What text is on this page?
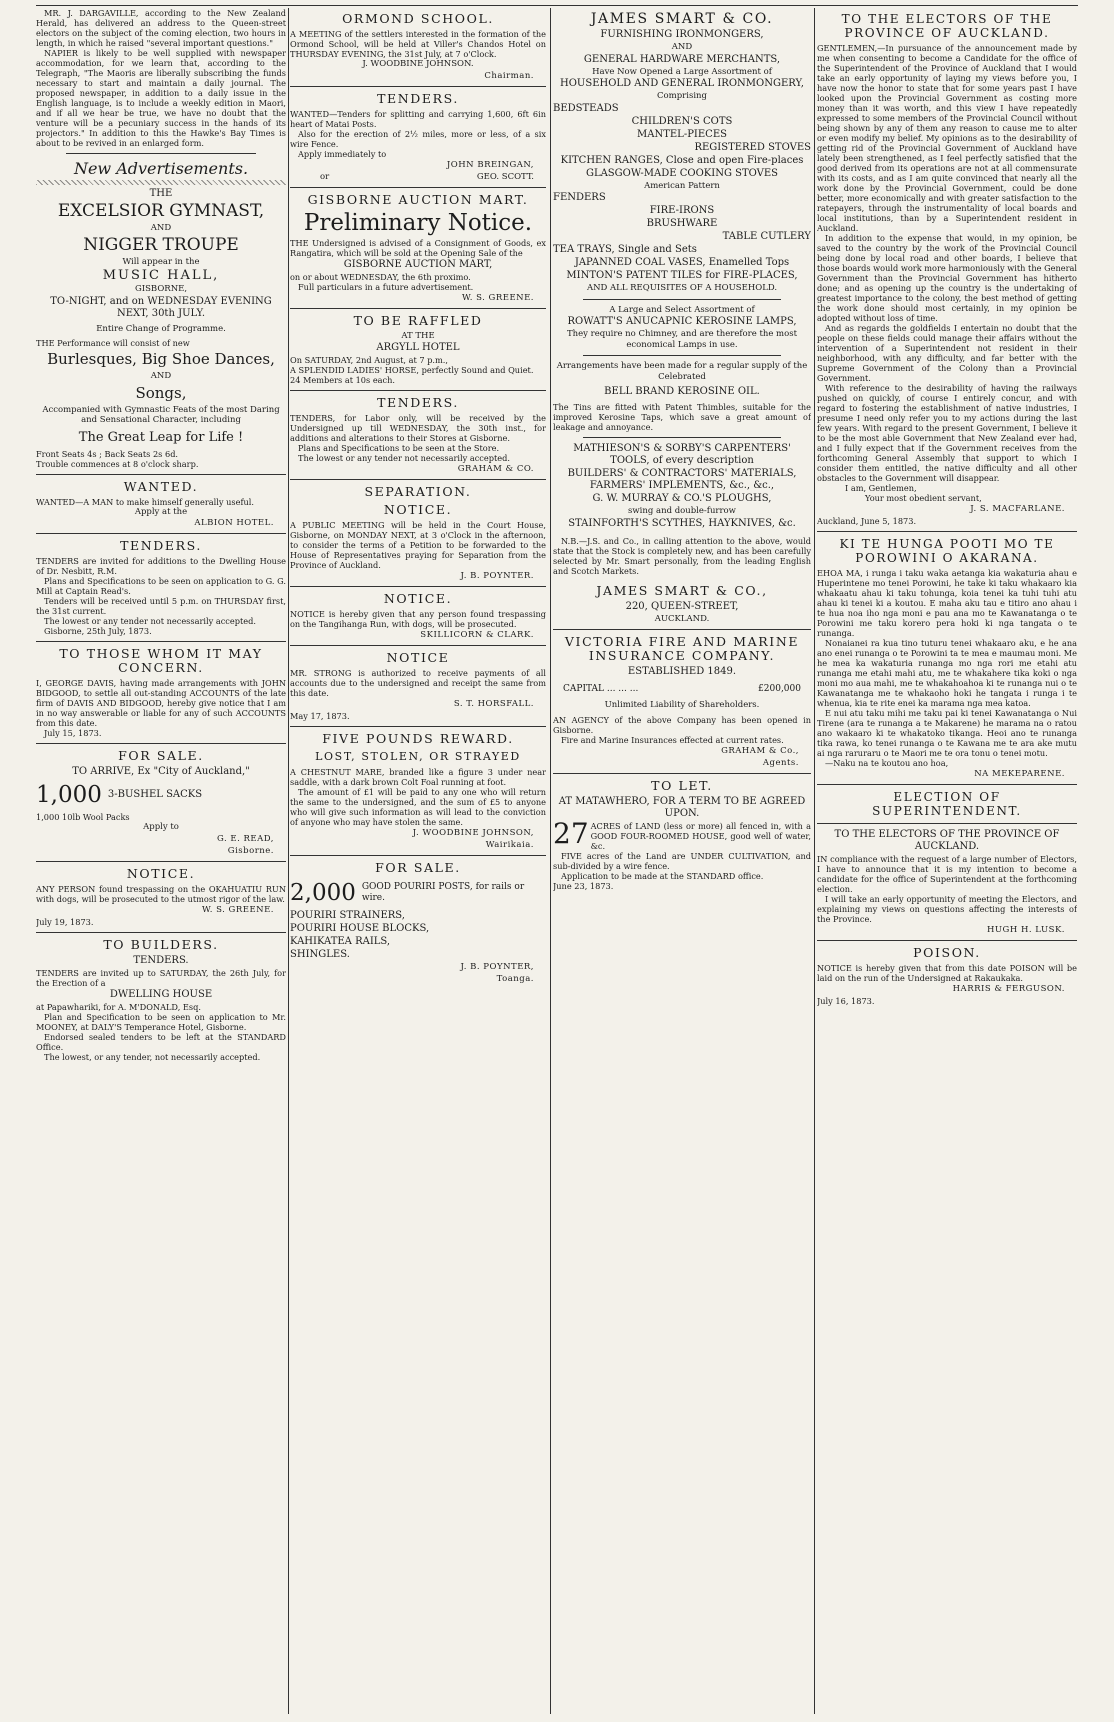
MR. J. DARGAVILLE, according to the New Zealand Herald, has delivered an address to the Queen-street electors on the subject of the coming election, two hours in length, in which he raised "several important questions."

NAPIER is likely to be well supplied with newspaper accommodation, for we learn that, according to the Telegraph, "The Maoris are liberally subscribing the funds necessary to start and maintain a daily journal. The proposed newspaper, in addition to a daily issue in the English language, is to include a weekly edition in Maori, and if all we hear be true, we have no doubt that the venture will be a pecuniary success in the hands of its projectors." In addition to this the Hawke's Bay Times is about to be revived in an enlarged form.

New Advertisements.

THE

EXCELSIOR GYMNAST,

AND

NIGGER TROUPE

Will appear in the

MUSIC HALL,

GISBORNE,

TO-NIGHT, and on WEDNESDAY EVENING NEXT, 30th JULY.

Entire Change of Programme.

THE Performance will consist of new

Burlesques, Big Shoe Dances,

AND

Songs,

Accompanied with Gymnastic Feats of the most Daring and Sensational Character, including

The Great Leap for Life !

Front Seats 4s ; Back Seats 2s 6d.

Trouble commences at 8 o'clock sharp.

WANTED.

WANTED—A MAN to make himself generally useful.

Apply at the

ALBION HOTEL.
TENDERS.

TENDERS are invited for additions to the Dwelling House of Dr. Nesbitt, R.M.

Plans and Specifications to be seen on application to G. G. Mill at Captain Read's.

Tenders will be received until 5 p.m. on THURSDAY first, the 31st current.

The lowest or any tender not necessarily accepted.

Gisborne, 25th July, 1873.

TO THOSE WHOM IT MAY CONCERN.

I, GEORGE DAVIS, having made arrangements with JOHN BIDGOOD, to settle all out-standing ACCOUNTS of the late firm of DAVIS AND BIDGOOD, hereby give notice that I am in no way answerable or liable for any of such ACCOUNTS from this date.

July 15, 1873.

FOR SALE.

TO ARRIVE, Ex "City of Auckland,"

1,000 3-BUSHEL SACKS

1,000 10lb Wool Packs

Apply to

G. E. READ,
Gisborne.
NOTICE.

ANY PERSON found trespassing on the OKAHUATIU RUN with dogs, will be prosecuted to the utmost rigor of the law.

W. S. GREENE.

July 19, 1873.

TO BUILDERS.

TENDERS.

TENDERS are invited up to SATURDAY, the 26th July, for the Erection of a

DWELLING HOUSE

at Papawhariki, for A. M'DONALD, Esq.

Plan and Specification to be seen on application to Mr. MOONEY, at DALY'S Temperance Hotel, Gisborne.

Endorsed sealed tenders to be left at the STANDARD Office.

The lowest, or any tender, not necessarily accepted.

ORMOND SCHOOL.

A MEETING of the settlers interested in the formation of the Ormond School, will be held at Viller's Chandos Hotel on THURSDAY EVENING, the 31st July, at 7 o'Clock.

J. WOODBINE JOHNSON.

Chairman.
TENDERS.

WANTED—Tenders for splitting and carrying 1,600, 6ft 6in heart of Matai Posts.

Also for the erection of 2½ miles, more or less, of a six wire Fence.

Apply immediately to

JOHN BREINGAN,
or	GEO. SCOTT.
GISBORNE AUCTION MART.
Preliminary Notice.

THE Undersigned is advised of a Consignment of Goods, ex Rangatira, which will be sold at the Opening Sale of the

GISBORNE AUCTION MART,

on or about WEDNESDAY, the 6th proximo.

Full particulars in a future advertisement.

W. S. GREENE.
TO BE RAFFLED

AT THE

ARGYLL HOTEL

On SATURDAY, 2nd August, at 7 p.m.,

A SPLENDID LADIES' HORSE, perfectly Sound and Quiet.

24 Members at 10s each.

TENDERS.

TENDERS, for Labor only, will be received by the Undersigned up till WEDNESDAY, the 30th inst., for additions and alterations to their Stores at Gisborne.

Plans and Specifications to be seen at the Store.

The lowest or any tender not necessarily accepted.

GRAHAM & CO.
SEPARATION.
NOTICE.

A PUBLIC MEETING will be held in the Court House, Gisborne, on MONDAY NEXT, at 3 o'Clock in the afternoon, to consider the terms of a Petition to be forwarded to the House of Representatives praying for Separation from the Province of Auckland.

J. B. POYNTER.
NOTICE.

NOTICE is hereby given that any person found trespassing on the Tangihanga Run, with dogs, will be prosecuted.

SKILLICORN & CLARK.
NOTICE

MR. STRONG is authorized to receive payments of all accounts due to the undersigned and receipt the same from this date.

S. T. HORSFALL.

May 17, 1873.

FIVE POUNDS REWARD.
LOST, STOLEN, OR STRAYED

A CHESTNUT MARE, branded like a figure 3 under near saddle, with a dark brown Colt Foal running at foot.

The amount of £1 will be paid to any one who will return the same to the undersigned, and the sum of £5 to anyone who will give such information as will lead to the conviction of anyone who may have stolen the same.

J. WOODBINE JOHNSON,
Wairikaia.
FOR SALE.
2,000 GOOD POURIRI POSTS, for rails or wire.

POURIRI STRAINERS,

POURIRI HOUSE BLOCKS,

KAHIKATEA RAILS,

SHINGLES.

J. B. POYNTER,
Toanga.
JAMES SMART & CO.

FURNISHING IRONMONGERS,

AND

GENERAL HARDWARE MERCHANTS,

Have Now Opened a Large Assortment of

HOUSEHOLD AND GENERAL IRONMONGERY,

Comprising

BEDSTEADS

CHILDREN'S COTS

MANTEL-PIECES

REGISTERED STOVES

KITCHEN RANGES, Close and open Fire-places

GLASGOW-MADE COOKING STOVES

American Pattern

FENDERS

FIRE-IRONS

BRUSHWARE

TABLE CUTLERY

TEA TRAYS, Single and Sets

JAPANNED COAL VASES, Enamelled Tops

MINTON'S PATENT TILES for FIRE-PLACES,

AND ALL REQUISITES OF A HOUSEHOLD.

A Large and Select Assortment of

ROWATT'S ANUCAPNIC KEROSINE LAMPS,

They require no Chimney, and are therefore the most economical Lamps in use.

Arrangements have been made for a regular supply of the Celebrated

BELL BRAND KEROSINE OIL.

The Tins are fitted with Patent Thimbles, suitable for the improved Kerosine Taps, which save a great amount of leakage and annoyance.

MATHIESON'S & SORBY'S CARPENTERS' TOOLS, of every description

BUILDERS' & CONTRACTORS' MATERIALS, FARMERS' IMPLEMENTS, &c., &c.,

G. W. MURRAY & CO.'S PLOUGHS,

swing and double-furrow

STAINFORTH'S SCYTHES, HAYKNIVES, &c.

N.B.—J.S. and Co., in calling attention to the above, would state that the Stock is completely new, and has been carefully selected by Mr. Smart personally, from the leading English and Scotch Markets.

JAMES SMART & CO.,

220, QUEEN-STREET,

AUCKLAND.

VICTORIA FIRE AND MARINE INSURANCE COMPANY.

ESTABLISHED 1849.

CAPITAL ... ... ...	£200,000

Unlimited Liability of Shareholders.

AN AGENCY of the above Company has been opened in Gisborne.

Fire and Marine Insurances effected at current rates.

GRAHAM & Co.,
Agents.
TO LET.

AT MATAWHERO, FOR A TERM TO BE AGREED UPON.

27 ACRES of LAND (less or more) all fenced in, with a GOOD FOUR-ROOMED HOUSE, good well of water, &c.

FIVE acres of the Land are UNDER CULTIVATION, and sub-divided by a wire fence.

Application to be made at the STANDARD office.

June 23, 1873.

TO THE ELECTORS OF THE PROVINCE OF AUCKLAND.

GENTLEMEN,—In pursuance of the announcement made by me when consenting to become a Candidate for the office of the Superintendent of the Province of Auckland that I would take an early opportunity of laying my views before you, I have now the honor to state that for some years past I have looked upon the Provincial Government as costing more money than it was worth, and this view I have repeatedly expressed to some members of the Provincial Council without being shown by any of them any reason to cause me to alter or even modify my belief. My opinions as to the desirability of getting rid of the Provincial Government of Auckland have lately been strengthened, as I feel perfectly satisfied that the good derived from its operations are not at all commensurate with its costs, and as I am quite convinced that nearly all the work done by the Provincial Government, could be done better, more economically and with greater satisfaction to the ratepayers, through the instrumentality of local boards and local institutions, than by a Superintendent resident in Auckland.

In addition to the expense that would, in my opinion, be saved to the country by the work of the Provincial Council being done by local road and other boards, I believe that those boards would work more harmoniously with the General Government than the Provincial Government has hitherto done; and as opening up the country is the undertaking of greatest importance to the colony, the best method of getting the work done should most certainly, in my opinion be adopted without loss of time.

And as regards the goldfields I entertain no doubt that the people on these fields could manage their affairs without the intervention of a Superintendent not resident in their neighborhood, with any difficulty, and far better with the Supreme Government of the Colony than a Provincial Government.

With reference to the desirability of having the railways pushed on quickly, of course I entirely concur, and with regard to fostering the establishment of native industries, I presume I need only refer you to my actions during the last few years. With regard to the present Government, I believe it to be the most able Government that New Zealand ever had, and I fully expect that if the Government receives from the forthcoming General Assembly that support to which I consider them entitled, the native difficulty and all other obstacles to the Government will disappear.

I am, Gentlemen,

Your most obedient servant,

J. S. MACFARLANE.

Auckland, June 5, 1873.

KI TE HUNGA POOTI MO TE POROWINI O AKARANA.

EHOA MA, i runga i taku waka aetanga kia wakaturia ahau e Huperintene mo tenei Porowini, he take ki taku whakaaro kia whakaatu ahau ki taku tohunga, koia tenei ka tuhi tuhi atu ahau ki tenei ki a koutou. E maha aku tau e titiro ano ahau i te hua noa iho nga moni e pau ana mo te Kawanatanga o te Porowini me taku korero pera hoki ki nga tangata o te runanga.

Nonaianei ra kua tino tuturu tenei whakaaro aku, e he ana ano enei runanga o te Porowini ta te mea e maumau moni. Me he mea ka wakaturia runanga mo nga rori me etahi atu runanga me etahi mahi atu, me te whakahere tika koki o nga moni mo aua mahi, me te whakahoahoa ki te runanga nui o te Kawanatanga me te whakaoho hoki he tangata i runga i te whenua, kia te rite enei ka marama nga mea katoa.

E nui atu taku mihi me taku pai ki tenei Kawanatanga o Nui Tirene (ara te runanga a te Makarene) he marama na o ratou ano wakaaro ki te whakatoko tikanga. Heoi ano te runanga tika rawa, ko tenei runanga o te Kawana me te ara ake mutu ai nga raruraru o te Maori me te ora tonu o tenei motu.

—Naku na te koutou ano hoa,

NA MEKEPARENE.
ELECTION OF SUPERINTENDENT.

TO THE ELECTORS OF THE PROVINCE OF AUCKLAND.

IN compliance with the request of a large number of Electors, I have to announce that it is my intention to become a candidate for the office of Superintendent at the forthcoming election.

I will take an early opportunity of meeting the Electors, and explaining my views on questions affecting the interests of the Province.

HUGH H. LUSK.
POISON.

NOTICE is hereby given that from this date POISON will be laid on the run of the Undersigned at Rakaukaka.

HARRIS & FERGUSON.

July 16, 1873.
